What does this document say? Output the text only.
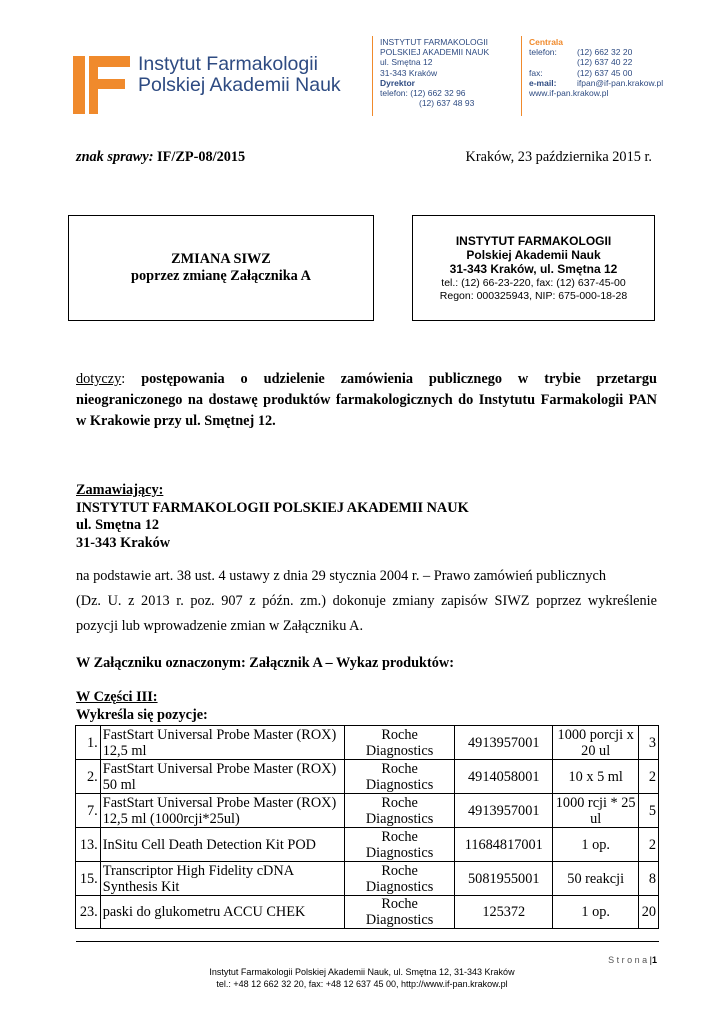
Instytut Farmakologii
Polskiej Akademii Nauk
INSTYTUT FARMAKOLOGII
POLSKIEJ AKADEMII NAUK
ul. Smętna 12
31-343 Kraków
Dyrektor
telefon: (12) 662 32 96
(12) 637 48 93
Centrala
telefon:	(12) 662 32 20
(12) 637 40 22
fax:	(12) 637 45 00
e-mail:	ifpan@if-pan.krakow.pl
www.if-pan.krakow.pl
znak sprawy: IF/ZP-08/2015	Kraków, 23 października 2015 r.
ZMIANA SIWZ
poprzez zmianę Załącznika A
INSTYTUT FARMAKOLOGII
Polskiej Akademii Nauk
31-343 Kraków, ul. Smętna 12
tel.: (12) 66-23-220, fax: (12) 637-45-00
Regon: 000325943, NIP: 675-000-18-28
dotyczy: postępowania o udzielenie zamówienia publicznego w trybie przetargu
nieograniczonego na dostawę produktów farmakologicznych do Instytutu Farmakologii PAN
w Krakowie przy ul. Smętnej 12.
Zamawiający:
INSTYTUT FARMAKOLOGII POLSKIEJ AKADEMII NAUK
ul. Smętna 12
31-343 Kraków
na podstawie art. 38 ust. 4 ustawy z dnia 29 stycznia 2004 r. – Prawo zamówień publicznych
(Dz. U. z 2013 r. poz. 907 z późn. zm.) dokonuje zmiany zapisów SIWZ poprzez wykreślenie
pozycji lub wprowadzenie zmian w Załączniku A.
W Załączniku oznaczonym: Załącznik A – Wykaz produktów:
W Części III:
Wykreśla się pozycje:
1.	FastStart Universal Probe Master (ROX) 12,5 ml	Roche Diagnostics	4913957001	1000 porcji x 20 ul	3
2.	FastStart Universal Probe Master (ROX) 50 ml	Roche Diagnostics	4914058001	10 x 5 ml	2
7.	FastStart Universal Probe Master (ROX) 12,5 ml (1000rcji*25ul)	Roche Diagnostics	4913957001	1000 rcji * 25 ul	5
13.	InSitu Cell Death Detection Kit POD	Roche Diagnostics	11684817001	1 op.	2
15.	Transcriptor High Fidelity cDNA Synthesis Kit	Roche Diagnostics	5081955001	50 reakcji	8
23.	paski do glukometru ACCU CHEK	Roche Diagnostics	125372	1 op.	20
S t r o n a |1
Instytut Farmakologii Polskiej Akademii Nauk, ul. Smętna 12, 31-343 Kraków
tel.: +48 12 662 32 20, fax: +48 12 637 45 00, http://www.if-pan.krakow.pl
